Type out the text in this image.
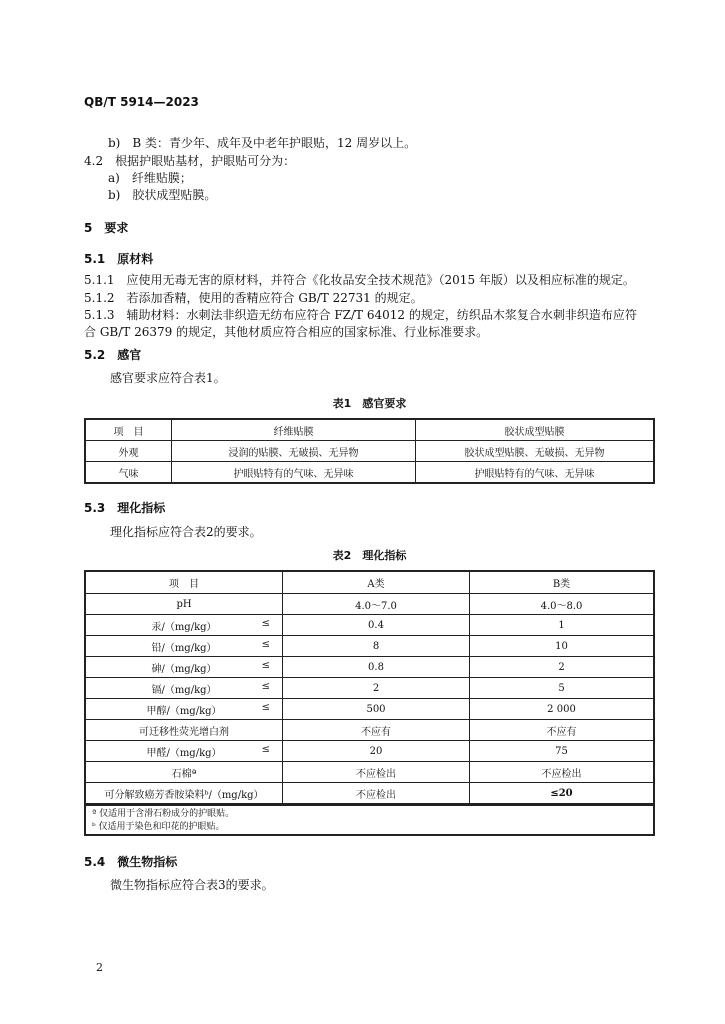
QB/T 5914—2023
b)　B 类：青少年、成年及中老年护眼贴，12 周岁以上。
4.2　根据护眼贴基材，护眼贴可分为：
a)　纤维贴膜；
b)　胶状成型贴膜。
5　要求
5.1　原材料
5.1.1　应使用无毒无害的原材料，并符合《化妆品安全技术规范》（2015 年版）以及相应标准的规定。
5.1.2　若添加香精，使用的香精应符合 GB/T 22731 的规定。
5.1.3　辅助材料：水刺法非织造无纺布应符合 FZ/T 64012 的规定，纺织品木浆复合水刺非织造布应符
合 GB/T 26379 的规定，其他材质应符合相应的国家标准、行业标准要求。
5.2　感官
感官要求应符合表1。
表1　感官要求
项　目	纤维贴膜	胶状成型贴膜
外观	浸润的贴膜、无破损、无异物	胶状成型贴膜、无破损、无异物
气味	护眼贴特有的气味、无异味	护眼贴特有的气味、无异味
5.3　理化指标
理化指标应符合表2的要求。
表2　理化指标
项　目	A类	B类
pH	4.0～7.0	4.0～8.0
汞/（mg/kg） ≤	0.4	1
铅/（mg/kg） ≤	8	10
砷/（mg/kg） ≤	0.8	2
镉/（mg/kg） ≤	2	5
甲醇/（mg/kg） ≤	500	2 000
可迁移性荧光增白剂	不应有	不应有
甲醛/（mg/kg） ≤	20	75
石棉ª	不应检出	不应检出
可分解致癌芳香胺染料ᵇ/（mg/kg）	不应检出	≤20
ª 仅适用于含滑石粉成分的护眼贴。
ᵇ 仅适用于染色和印花的护眼贴。
5.4　微生物指标
微生物指标应符合表3的要求。
2
